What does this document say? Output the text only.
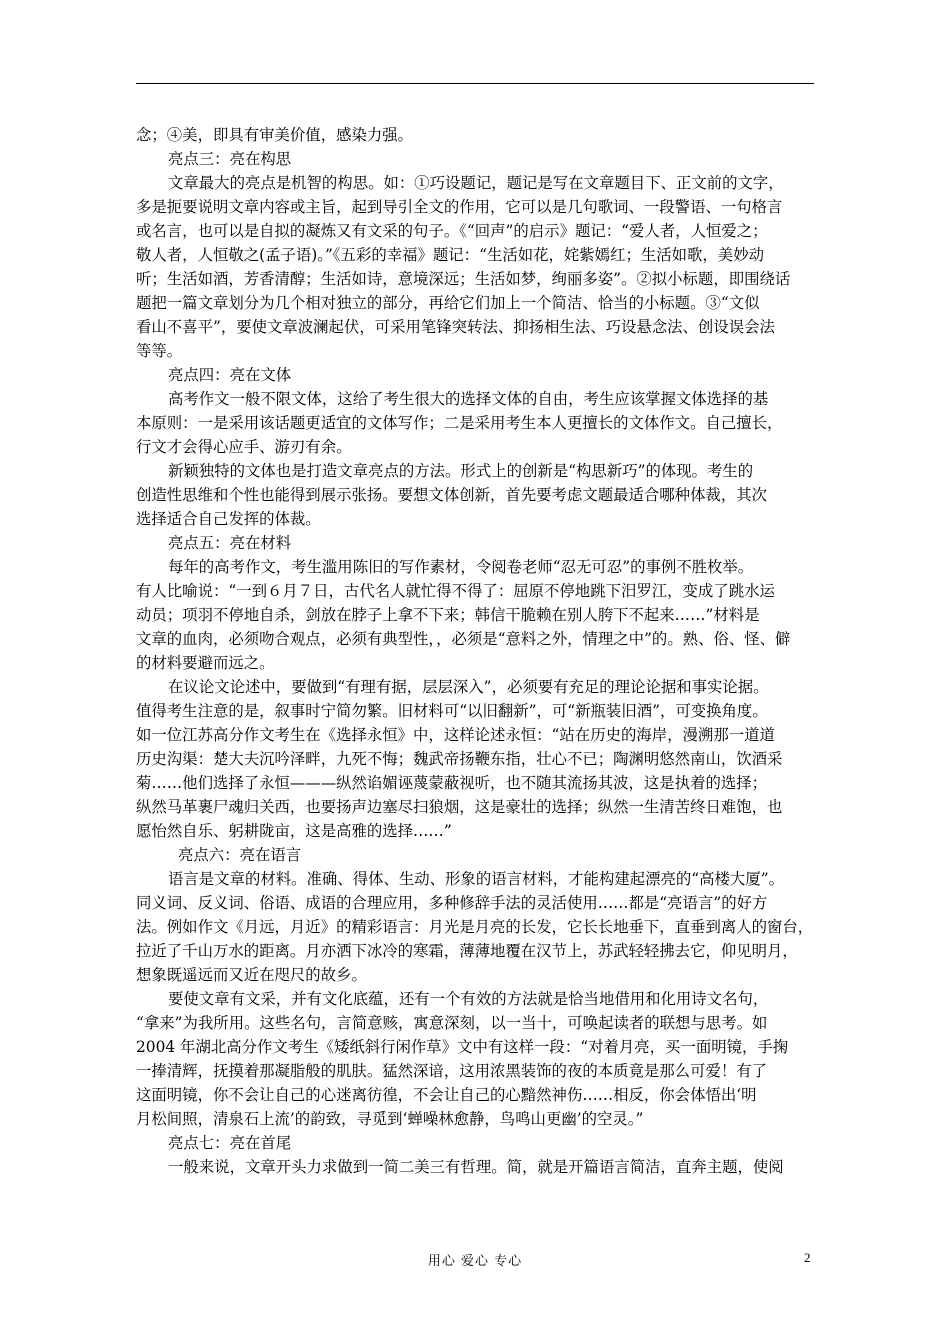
念；④美，即具有审美价值，感染力强。
亮点三：亮在构思
文章最大的亮点是机智的构思。如：①巧设题记，题记是写在文章题目下、正文前的文字，
多是扼要说明文章内容或主旨，起到导引全文的作用，它可以是几句歌词、一段警语、一句格言
或名言，也可以是自拟的凝炼又有文采的句子。《“回声”的启示》题记：“爱人者，人恒爱之；
敬人者，人恒敬之(孟子语)。”《五彩的幸福》题记：“生活如花，姹紫嫣红；生活如歌，美妙动
听；生活如酒，芳香清醇；生活如诗，意境深远；生活如梦，绚丽多姿”。②拟小标题，即围绕话
题把一篇文章划分为几个相对独立的部分，再给它们加上一个简洁、恰当的小标题。③“文似
看山不喜平”，要使文章波澜起伏，可采用笔锋突转法、抑扬相生法、巧设悬念法、创设误会法
等等。
亮点四：亮在文体
高考作文一般不限文体，这给了考生很大的选择文体的自由，考生应该掌握文体选择的基
本原则：一是采用该话题更适宜的文体写作；二是采用考生本人更擅长的文体作文。自己擅长，
行文才会得心应手、游刃有余。
新颖独特的文体也是打造文章亮点的方法。形式上的创新是“构思新巧”的体现。考生的
创造性思维和个性也能得到展示张扬。要想文体创新，首先要考虑文题最适合哪种体裁，其次
选择适合自己发挥的体裁。
亮点五：亮在材料
每年的高考作文，考生滥用陈旧的写作素材，令阅卷老师“忍无可忍”的事例不胜枚举。
有人比喻说：“一到６月７日，古代名人就忙得不得了：屈原不停地跳下汨罗江，变成了跳水运
动员；项羽不停地自杀，剑放在脖子上拿不下来；韩信干脆赖在别人胯下不起来……”材料是
文章的血肉，必须吻合观点，必须有典型性，，必须是“意料之外，情理之中”的。熟、俗、怪、僻
的材料要避而远之。
在议论文论述中，要做到“有理有据，层层深入”，必须要有充足的理论论据和事实论据。
值得考生注意的是，叙事时宁简勿繁。旧材料可“以旧翻新”，可“新瓶装旧酒”，可变换角度。
如一位江苏高分作文考生在《选择永恒》中，这样论述永恒：“站在历史的海岸，漫溯那一道道
历史沟渠：楚大夫沉吟泽畔，九死不悔；魏武帝扬鞭东指，壮心不已；陶渊明悠然南山，饮酒采
菊……他们选择了永恒———纵然谄媚诬蔑蒙蔽视听，也不随其流扬其波，这是执着的选择；
纵然马革裹尸魂归关西，也要扬声边塞尽扫狼烟，这是豪壮的选择；纵然一生清苦终日难饱，也
愿怡然自乐、躬耕陇亩，这是高雅的选择……”
亮点六：亮在语言
语言是文章的材料。准确、得体、生动、形象的语言材料，才能构建起漂亮的“高楼大厦”。
同义词、反义词、俗语、成语的合理应用，多种修辞手法的灵活使用……都是“亮语言”的好方
法。例如作文《月远，月近》的精彩语言：月光是月亮的长发，它长长地垂下，直垂到离人的窗台，
拉近了千山万水的距离。月亦洒下冰冷的寒霜，薄薄地覆在汉节上，苏武轻轻拂去它，仰见明月，
想象既遥远而又近在咫尺的故乡。
要使文章有文采，并有文化底蕴，还有一个有效的方法就是恰当地借用和化用诗文名句，
“拿来”为我所用。这些名句，言简意赅，寓意深刻，以一当十，可唤起读者的联想与思考。如
2004 年湖北高分作文考生《矮纸斜行闲作草》文中有这样一段：“对着月亮，买一面明镜，手掬
一捧清辉，抚摸着那凝脂般的肌肤。猛然深谙，这用浓黑装饰的夜的本质竟是那么可爱！有了
这面明镜，你不会让自己的心迷离彷徨，不会让自己的心黯然神伤……相反，你会体悟出‘明
月松间照，清泉石上流’的韵致，寻觅到‘蝉噪林愈静，鸟鸣山更幽’的空灵。”
亮点七：亮在首尾
一般来说，文章开头力求做到一简二美三有哲理。简，就是开篇语言简洁，直奔主题，使阅
用心 爱心 专心	2
